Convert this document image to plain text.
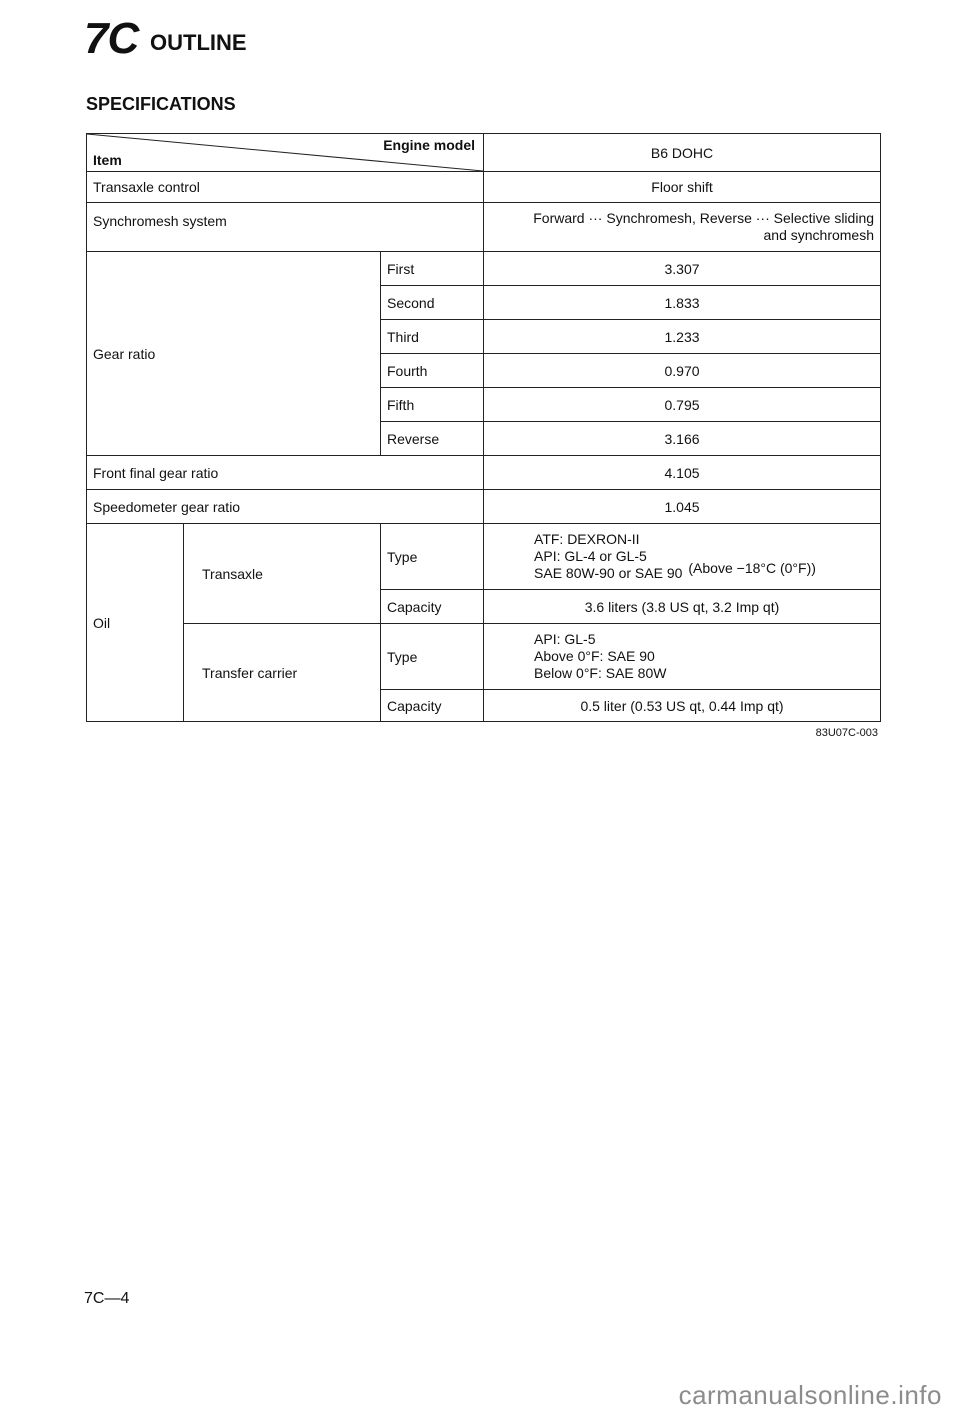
7C OUTLINE
SPECIFICATIONS
Engine model
Item			B6 DOHC
Transaxle control			Floor shift
Synchromesh system			Forward ··· Synchromesh, Reverse ··· Selective sliding
and synchromesh

Gear ratio		First	3.307
		Second	1.833
		Third	1.233
		Fourth	0.970
		Fifth	0.795
		Reverse	3.166
Front final gear ratio			4.105
Speedometer gear ratio			1.045
Oil	Transaxle	Type	ATF: DEXRON-II
API: GL-4 or GL-5
SAE 80W-90 or SAE 90 (Above −18°C (0°F))

		Capacity	3.6 liters (3.8 US qt, 3.2 Imp qt)
	Transfer carrier	Type	API: GL-5
Above 0°F: SAE 90
Below 0°F: SAE 80W

		Capacity	0.5 liter (0.53 US qt, 0.44 Imp qt)
83U07C-003
7C—4
carmanualsonline.info
